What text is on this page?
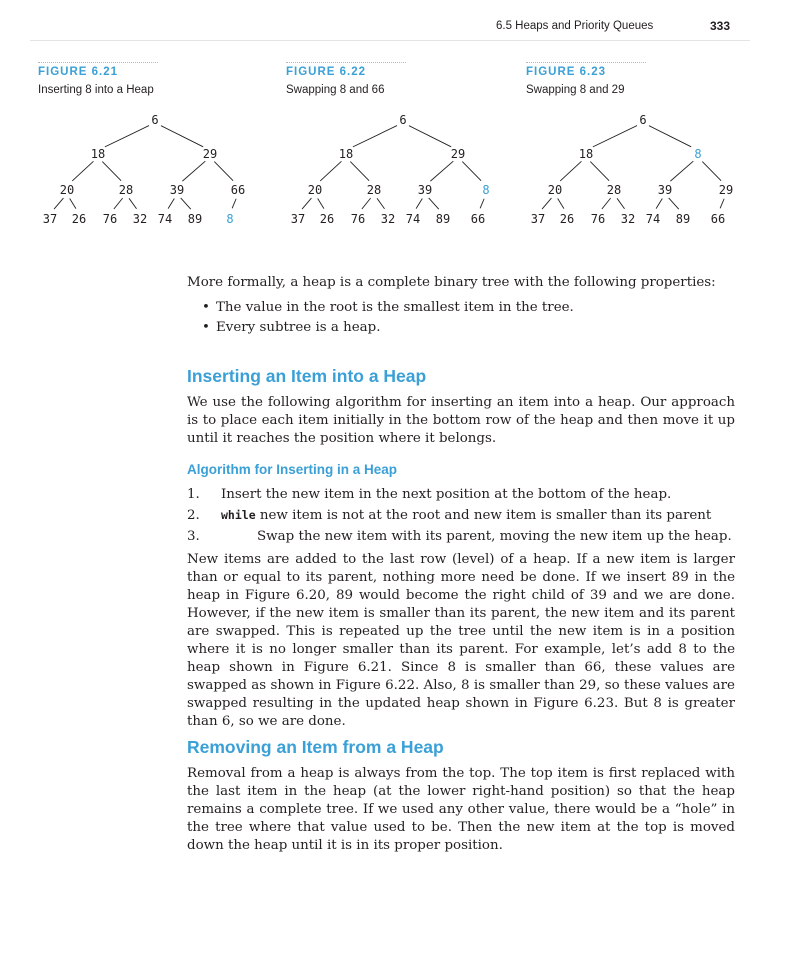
6.5 Heaps and Priority Queues	333
FIGURE 6.21
Inserting 8 into a Heap
6
18	29
20	28	39	66
37 26 76 32 74 89 8
FIGURE 6.22
Swapping 8 and 66
6
18	29
20	28	39	8
37 26 76 32 74 89 66
FIGURE 6.23
Swapping 8 and 29
6
18	8
20	28	39	29
37 26 76 32 74 89 66
More formally, a heap is a complete binary tree with the following properties:
• The value in the root is the smallest item in the tree.
• Every subtree is a heap.
Inserting an Item into a Heap
We use the following algorithm for inserting an item into a heap. Our approach is to place each item initially in the bottom row of the heap and then move it up until it reaches the position where it belongs.
Algorithm for Inserting in a Heap
1. Insert the new item in the next position at the bottom of the heap.
2. while new item is not at the root and new item is smaller than its parent
3.	Swap the new item with its parent, moving the new item up the heap.
New items are added to the last row (level) of a heap. If a new item is larger than or equal to its parent, nothing more need be done. If we insert 89 in the heap in Figure 6.20, 89 would become the right child of 39 and we are done. However, if the new item is smaller than its parent, the new item and its parent are swapped. This is repeated up the tree until the new item is in a position where it is no longer smaller than its parent. For example, let’s add 8 to the heap shown in Figure 6.21. Since 8 is smaller than 66, these values are swapped as shown in Figure 6.22. Also, 8 is smaller than 29, so these values are swapped resulting in the updated heap shown in Figure 6.23. But 8 is greater than 6, so we are done.
Removing an Item from a Heap
Removal from a heap is always from the top. The top item is first replaced with the last item in the heap (at the lower right-hand position) so that the heap remains a complete tree. If we used any other value, there would be a “hole” in the tree where that value used to be. Then the new item at the top is moved down the heap until it is in its proper position.
